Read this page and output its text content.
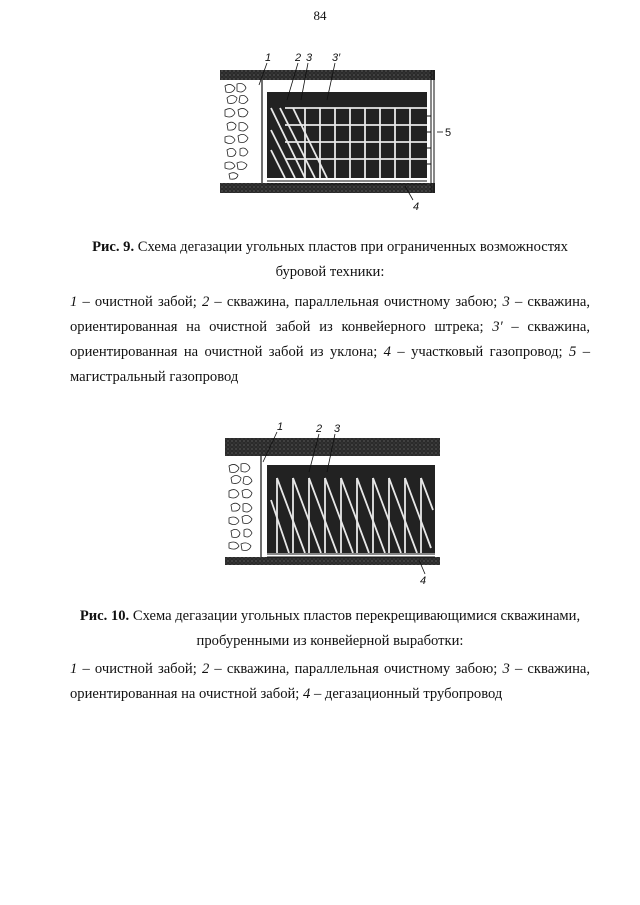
84
1 2 3 3′
5
4
Рис. 9. Схема дегазации угольных пластов при ограниченных возможностях буровой техники:
1 – очистной забой; 2 – скважина, параллельная очистному забою; 3 – скважина, ориентированная на очистной забой из конвейерного штрека; 3′ – скважина, ориентированная на очистной забой из уклона; 4 – участковый газопровод; 5 – магистральный газопровод
1	2 3
4
Рис. 10. Схема дегазации угольных пластов перекрещивающимися скважинами, пробуренными из конвейерной выработки:
1 – очистной забой; 2 – скважина, параллельная очистному забою; 3 – скважина, ориентированная на очистной забой; 4 – дегазационный трубопровод
